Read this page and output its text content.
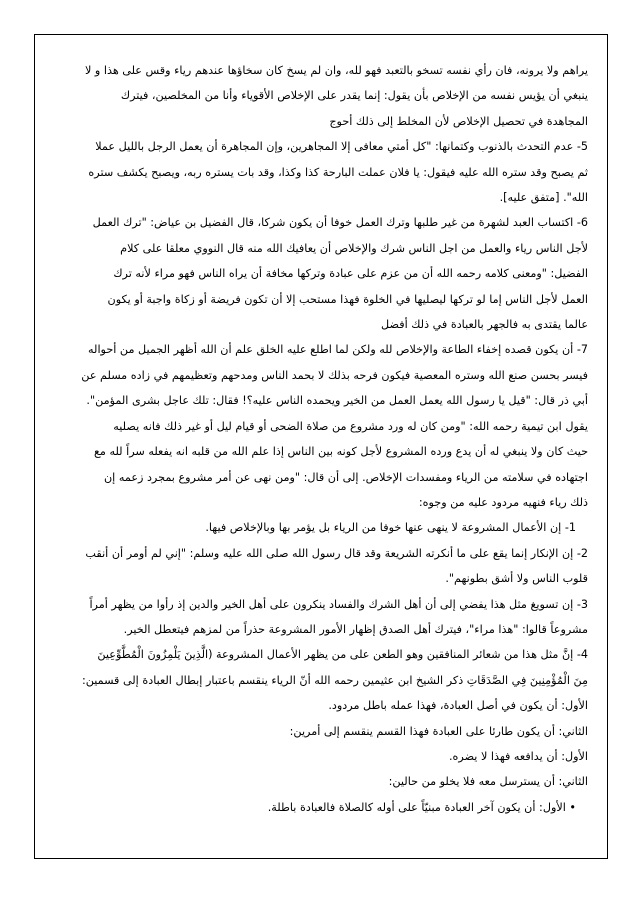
يراهم ولا يرونه، فان رأي نفسه تسخو بالتعبد فهو لله، وان لم يسخ كان سخاؤها عندهم رياء وقس على هذا و لا

ينبغي أن يؤيس نفسه من الإخلاص بأن يقول: إنما يقدر على الإخلاص الأقوياء وأنا من المخلصين، فيترك

المجاهدة في تحصيل الإخلاص لأن المخلط إلى ذلك أحوج

5- عدم التحدث بالذنوب وكتمانها: "كل أمتي معافى إلا المجاهرين، وإن المجاهرة أن يعمل الرجل بالليل عملا

ثم يصبح وقد ستره الله عليه فيقول: يا فلان عملت البارحة كذا وكذا، وقد بات يستره ربه، ويصبح يكشف ستره

الله". [متفق عليه].

6- اكتساب العبد لشهرة من غير طلبها وترك العمل خوفا أن يكون شركا، قال الفضيل بن عياض: "ترك العمل

لأجل الناس رياء والعمل من اجل الناس شرك والإخلاص أن يعافيك الله منه قال النووي معلقا على كلام

الفضيل: "ومعنى كلامه رحمه الله أن من عزم على عبادة وتركها مخافة أن يراه الناس فهو مراء لأنه ترك

العمل لأجل الناس إما لو تركها ليصليها في الخلوة فهذا مستحب إلا أن تكون فريضة أو زكاة واجبة أو يكون

عالما يقتدى به فالجهر بالعبادة في ذلك أفضل

7- أن يكون قصده إخفاء الطاعة والإخلاص لله ولكن لما اطلع عليه الخلق علم أن الله أظهر الجميل من أحواله

فيسر بحسن صنع الله وستره المعصية فيكون فرحه بذلك لا بحمد الناس ومدحهم وتعظيمهم في زاده مسلم عن

أبي ذر قال: "قيل يا رسول الله يعمل العمل من الخير ويحمده الناس عليه؟! فقال: تلك عاجل بشرى المؤمن".

يقول ابن تيمية رحمه الله: "ومن كان له ورد مشروع من صلاة الضحى أو قيام ليل أو غير ذلك فانه يصليه

حيث كان ولا ينبغي له أن يدع ورده المشروع لأجل كونه بين الناس إذا علم الله من قلبه انه يفعله سراً لله مع

اجتهاده في سلامته من الرياء ومفسدات الإخلاص. إلى أن قال: "ومن نهى عن أمر مشروع بمجرد زعمه إن

ذلك رياء فنهيه مردود عليه من وجوه:

1- إن الأعمال المشروعة لا ينهى عنها خوفا من الرياء بل يؤمر بها وبالإخلاص فيها.

2- إن الإنكار إنما يقع على ما أنكرته الشريعة وقد قال رسول الله صلى الله عليه وسلم: "إني لم أومر أن أنقب

قلوب الناس ولا أشق بطونهم".

3- إن تسويغ مثل هذا يفضي إلى أن أهل الشرك والفساد ينكرون على أهل الخير والدين إذ رأوا من يظهر أمراً

مشروعاً قالوا: "هذا مراء"، فيترك أهل الصدق إظهار الأمور المشروعة حذراً من لمزهم فيتعطل الخير.

4- إنَّ مثل هذا من شعائر المنافقين وهو الطعن على من يظهر الأعمال المشروعة (الَّذِينَ يَلْمِزُونَ الْمُطَّوِّعِينَ

مِنَ الْمُؤْمِنِينَ فِي الصَّدَقَاتِ ذكر الشيخ ابن عثيمين رحمه الله أنّ الرياء ينقسم باعتبار إبطال العبادة إلى قسمين:

الأول: أن يكون في أصل العبادة، فهذا عمله باطل مردود.

الثاني: أن يكون طارئا على العبادة فهذا القسم ينقسم إلى أمرين:

الأول: أن يدافعه فهذا لا يضره.

الثاني: أن يسترسل معه فلا يخلو من حالين:

• الأول: أن يكون آخر العبادة مبنيّاً على أوله كالصلاة فالعبادة باطلة.
